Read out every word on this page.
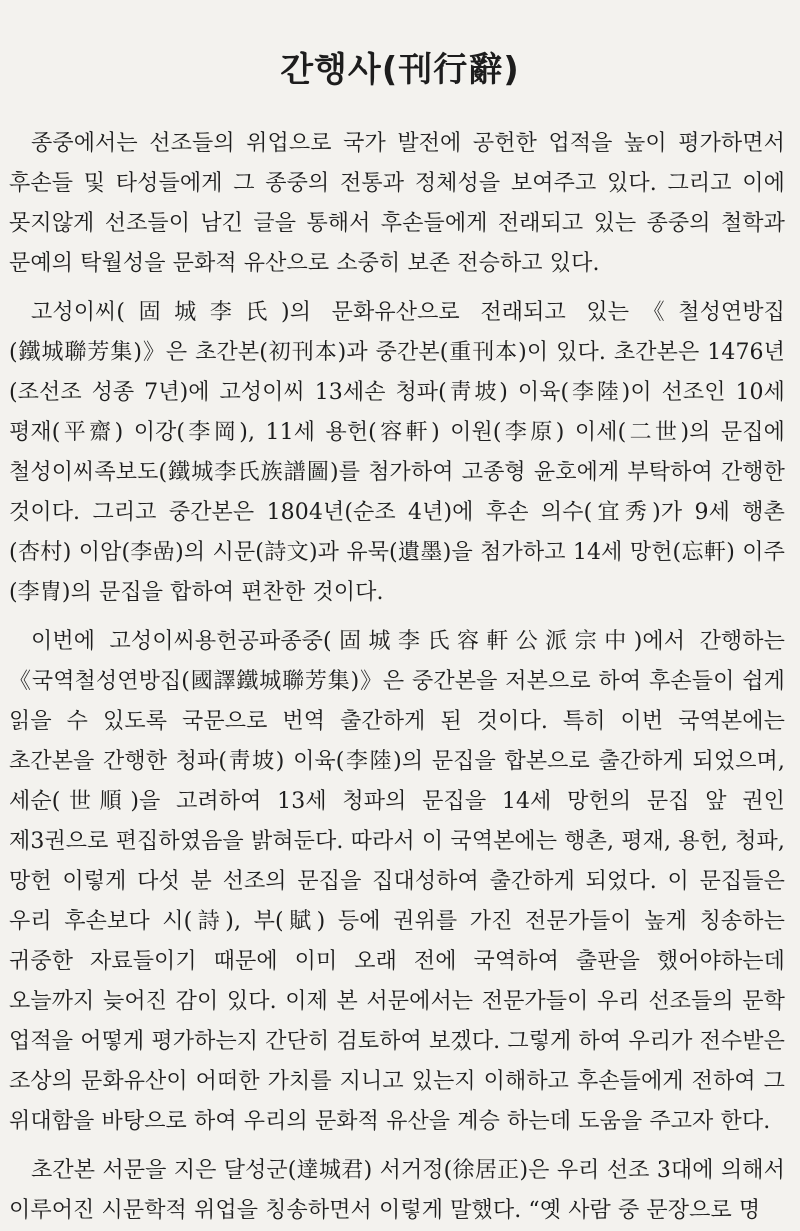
간행사(刊行辭)

종중에서는 선조들의 위업으로 국가 발전에 공헌한 업적을 높이 평가하면서 후손들 및 타성들에게 그 종중의 전통과 정체성을 보여주고 있다. 그리고 이에 못지않게 선조들이 남긴 글을 통해서 후손들에게 전래되고 있는 종중의 철학과 문예의 탁월성을 문화적 유산으로 소중히 보존 전승하고 있다.

고성이씨(固城李氏)의 문화유산으로 전래되고 있는《철성연방집(鐵城聯芳集)》은 초간본(初刊本)과 중간본(重刊本)이 있다. 초간본은 1476년(조선조 성종 7년)에 고성이씨 13세손 청파(靑坡) 이육(李陸)이 선조인 10세 평재(平齋) 이강(李岡), 11세 용헌(容軒) 이원(李原) 이세(二世)의 문집에 철성이씨족보도(鐵城李氏族譜圖)를 첨가하여 고종형 윤호에게 부탁하여 간행한 것이다. 그리고 중간본은 1804년(순조 4년)에 후손 의수(宜秀)가 9세 행촌(杏村) 이암(李嵒)의 시문(詩文)과 유묵(遺墨)을 첨가하고 14세 망헌(忘軒) 이주(李冑)의 문집을 합하여 편찬한 것이다.

이번에 고성이씨용헌공파종중(固城李氏容軒公派宗中)에서 간행하는 《국역철성연방집(國譯鐵城聯芳集)》은 중간본을 저본으로 하여 후손들이 쉽게 읽을 수 있도록 국문으로 번역 출간하게 된 것이다. 특히 이번 국역본에는 초간본을 간행한 청파(靑坡) 이육(李陸)의 문집을 합본으로 출간하게 되었으며, 세순(世順)을 고려하여 13세 청파의 문집을 14세 망헌의 문집 앞 권인 제3권으로 편집하였음을 밝혀둔다. 따라서 이 국역본에는 행촌, 평재, 용헌, 청파, 망헌 이렇게 다섯 분 선조의 문집을 집대성하여 출간하게 되었다. 이 문집들은 우리 후손보다 시(詩), 부(賦) 등에 권위를 가진 전문가들이 높게 칭송하는 귀중한 자료들이기 때문에 이미 오래 전에 국역하여 출판을 했어야하는데 오늘까지 늦어진 감이 있다. 이제 본 서문에서는 전문가들이 우리 선조들의 문학 업적을 어떻게 평가하는지 간단히 검토하여 보겠다. 그렇게 하여 우리가 전수받은 조상의 문화유산이 어떠한 가치를 지니고 있는지 이해하고 후손들에게 전하여 그 위대함을 바탕으로 하여 우리의 문화적 유산을 계승 하는데 도움을 주고자 한다.

초간본 서문을 지은 달성군(達城君) 서거정(徐居正)은 우리 선조 3대에 의해서 이루어진 시문학적 위업을 칭송하면서 이렇게 말했다. “옛 사람 중 문장으로 명
